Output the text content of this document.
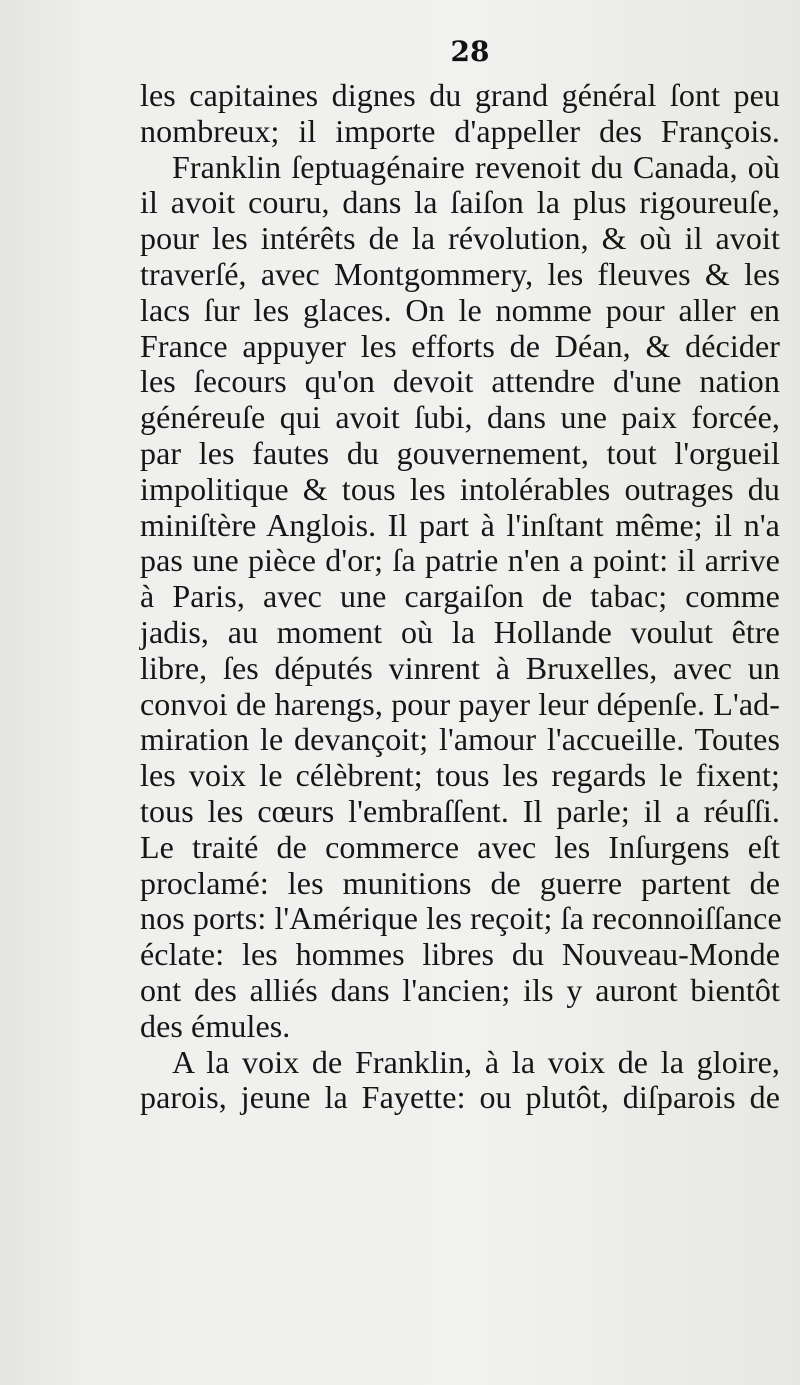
28
les capitaines dignes du grand général ſont peu
nombreux; il importe d'appeller des François.
Franklin ſeptuagénaire revenoit du Canada, où
il avoit couru, dans la ſaiſon la plus rigoureuſe,
pour les intérêts de la révolution, & où il avoit
traverſé, avec Montgommery, les fleuves & les
lacs ſur les glaces. On le nomme pour aller en
France appuyer les efforts de Déan, & décider
les ſecours qu'on devoit attendre d'une nation
généreuſe qui avoit ſubi, dans une paix forcée,
par les fautes du gouvernement, tout l'orgueil
impolitique & tous les intolérables outrages du
miniſtère Anglois. Il part à l'inſtant même; il n'a
pas une pièce d'or; ſa patrie n'en a point: il arrive
à Paris, avec une cargaiſon de tabac; comme
jadis, au moment où la Hollande voulut être
libre, ſes députés vinrent à Bruxelles, avec un
convoi de harengs, pour payer leur dépenſe. L'ad-
miration le devançoit; l'amour l'accueille. Toutes
les voix le célèbrent; tous les regards le fixent;
tous les cœurs l'embraſſent. Il parle; il a réuſſi.
Le traité de commerce avec les Inſurgens eſt
proclamé: les munitions de guerre partent de
nos ports: l'Amérique les reçoit; ſa reconnoiſſance
éclate: les hommes libres du Nouveau-Monde
ont des alliés dans l'ancien; ils y auront bientôt
des émules.
A la voix de Franklin, à la voix de la gloire,
parois, jeune la Fayette: ou plutôt, diſparois de
